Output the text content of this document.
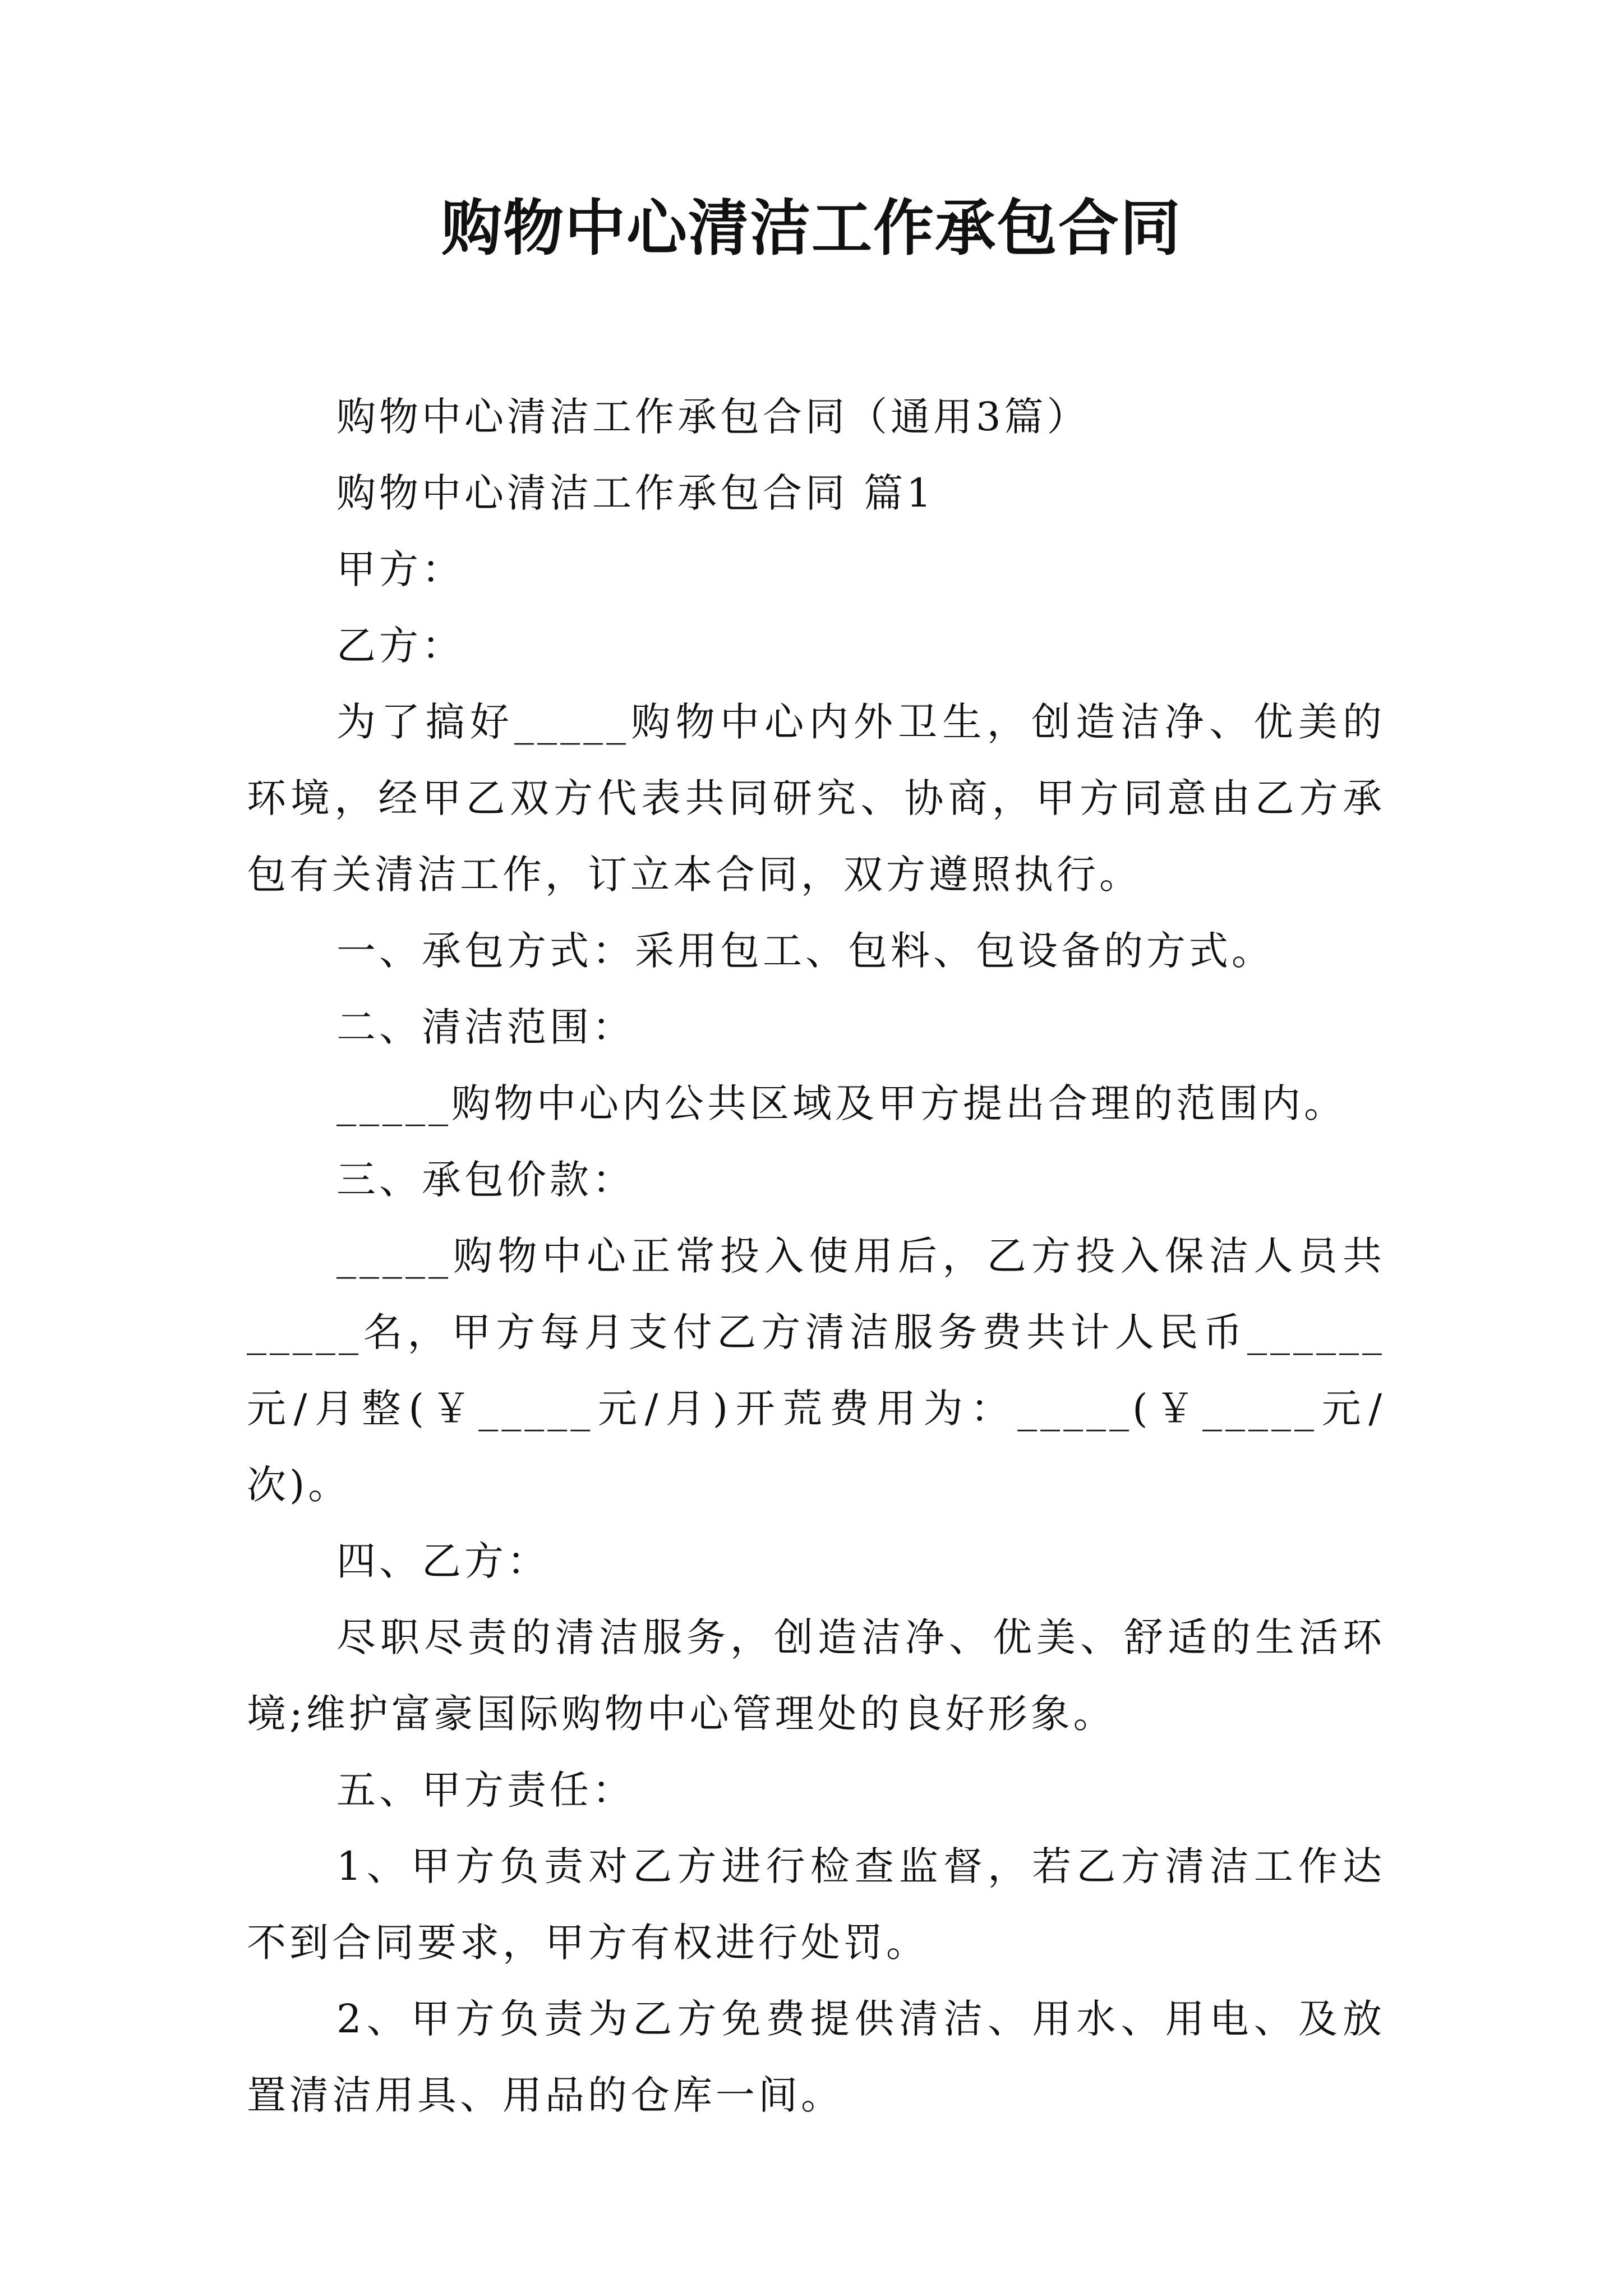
购物中心清洁工作承包合同

购物中心清洁工作承包合同（通用3篇）

购物中心清洁工作承包合同 篇1

甲方：

乙方：

为了搞好_____购物中心内外卫生，创造洁净、优美的环境，经甲乙双方代表共同研究、协商，甲方同意由乙方承包有关清洁工作，订立本合同，双方遵照执行。

一、承包方式：采用包工、包料、包设备的方式。

二、清洁范围：

_____购物中心内公共区域及甲方提出合理的范围内。

三、承包价款：

_____购物中心正常投入使用后，乙方投入保洁人员共_____名，甲方每月支付乙方清洁服务费共计人民币______元/月整(￥_____元/月)开荒费用为：_____(￥_____元/次)。

四、乙方：

尽职尽责的清洁服务，创造洁净、优美、舒适的生活环境;维护富豪国际购物中心管理处的良好形象。

五、甲方责任：

1、甲方负责对乙方进行检查监督，若乙方清洁工作达不到合同要求，甲方有权进行处罚。

2、甲方负责为乙方免费提供清洁、用水、用电、及放置清洁用具、用品的仓库一间。
